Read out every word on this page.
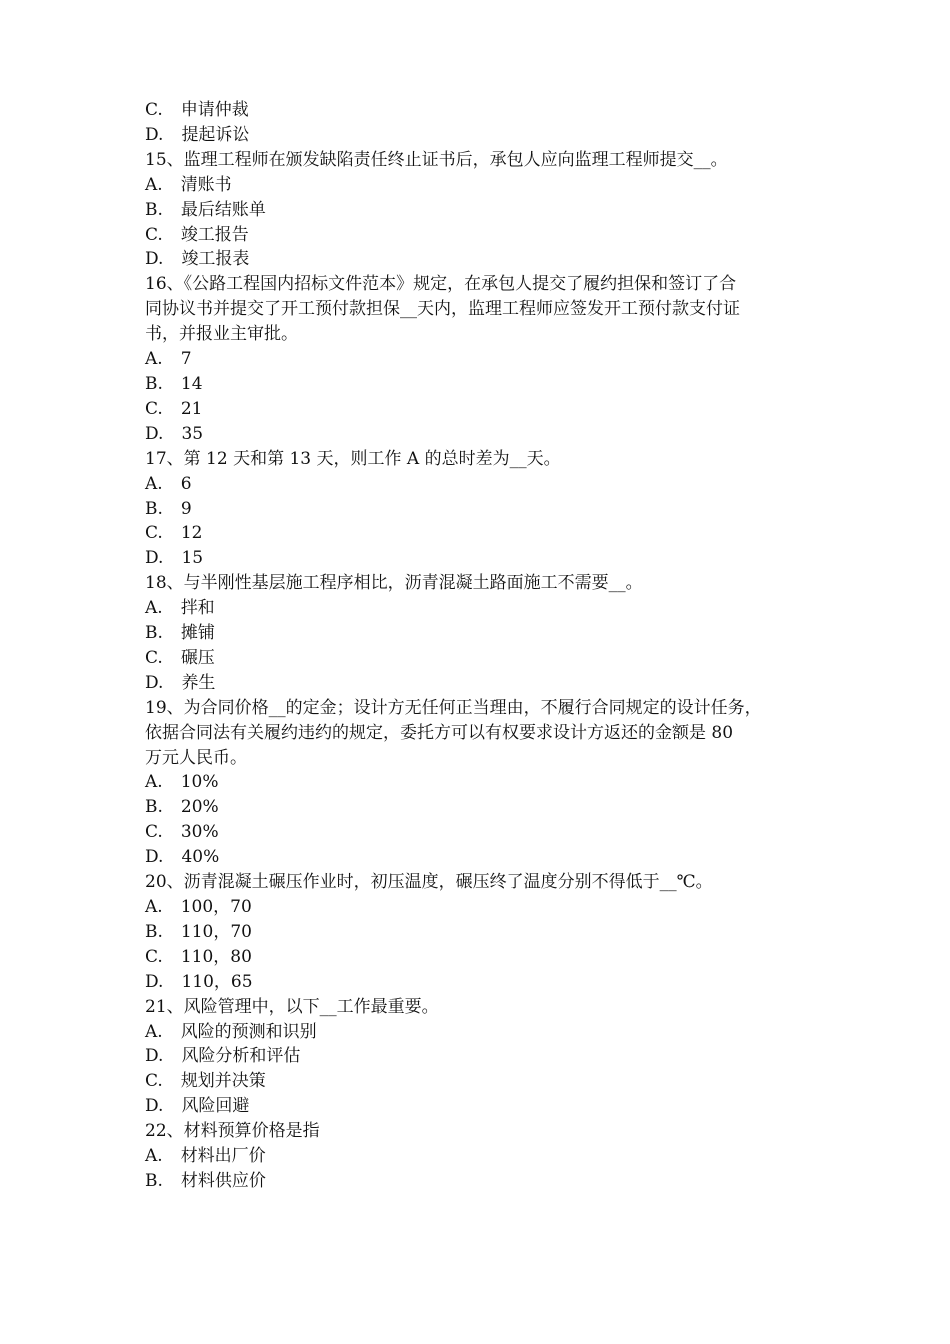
C. 申请仲裁
D. 提起诉讼
15、监理工程师在颁发缺陷责任终止证书后，承包人应向监理工程师提交__。
A. 清账书
B. 最后结账单
C. 竣工报告
D. 竣工报表
16、《公路工程国内招标文件范本》规定，在承包人提交了履约担保和签订了合
同协议书并提交了开工预付款担保__天内，监理工程师应签发开工预付款支付证
书，并报业主审批。
A. 7
B. 14
C. 21
D. 35
17、第 12 天和第 13 天，则工作 A 的总时差为__天。
A. 6
B. 9
C. 12
D. 15
18、与半刚性基层施工程序相比，沥青混凝土路面施工不需要__。
A. 拌和
B. 摊铺
C. 碾压
D. 养生
19、为合同价格__的定金；设计方无任何正当理由，不履行合同规定的设计任务，
依据合同法有关履约违约的规定，委托方可以有权要求设计方返还的金额是 80
万元人民币。
A. 10%
B. 20%
C. 30%
D. 40%
20、沥青混凝土碾压作业时，初压温度，碾压终了温度分别不得低于__℃。
A. 100，70
B. 110，70
C. 110，80
D. 110，65
21、风险管理中，以下__工作最重要。
A. 风险的预测和识别
D. 风险分析和评估
C. 规划并决策
D. 风险回避
22、材料预算价格是指
A. 材料出厂价
B. 材料供应价
